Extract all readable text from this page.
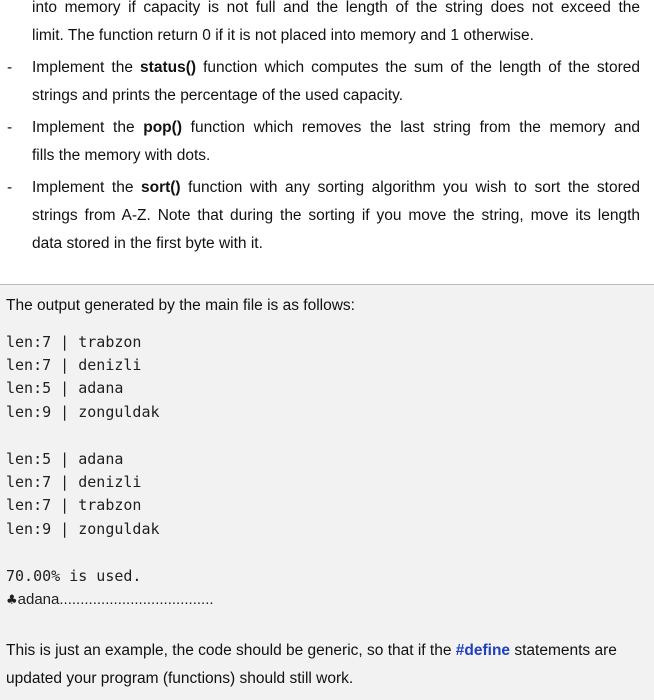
into memory if capacity is not full and the length of the string does not exceed the
limit. The function return 0 if it is not placed into memory and 1 otherwise.
- Implement the status() function which computes the sum of the length of the stored
strings and prints the percentage of the used capacity.
- Implement the pop() function which removes the last string from the memory and
fills the memory with dots.
- Implement the sort() function with any sorting algorithm you wish to sort the stored
strings from A-Z. Note that during the sorting if you move the string, move its length
data stored in the first byte with it.
The output generated by the main file is as follows:
len:7 | trabzon
len:7 | denizli
len:5 | adana
len:9 | zonguldak
len:5 | adana
len:7 | denizli
len:7 | trabzon
len:9 | zonguldak
70.00% is used.
♣adana.....................................
This is just an example, the code should be generic, so that if the #define statements are
updated your program (functions) should still work.
